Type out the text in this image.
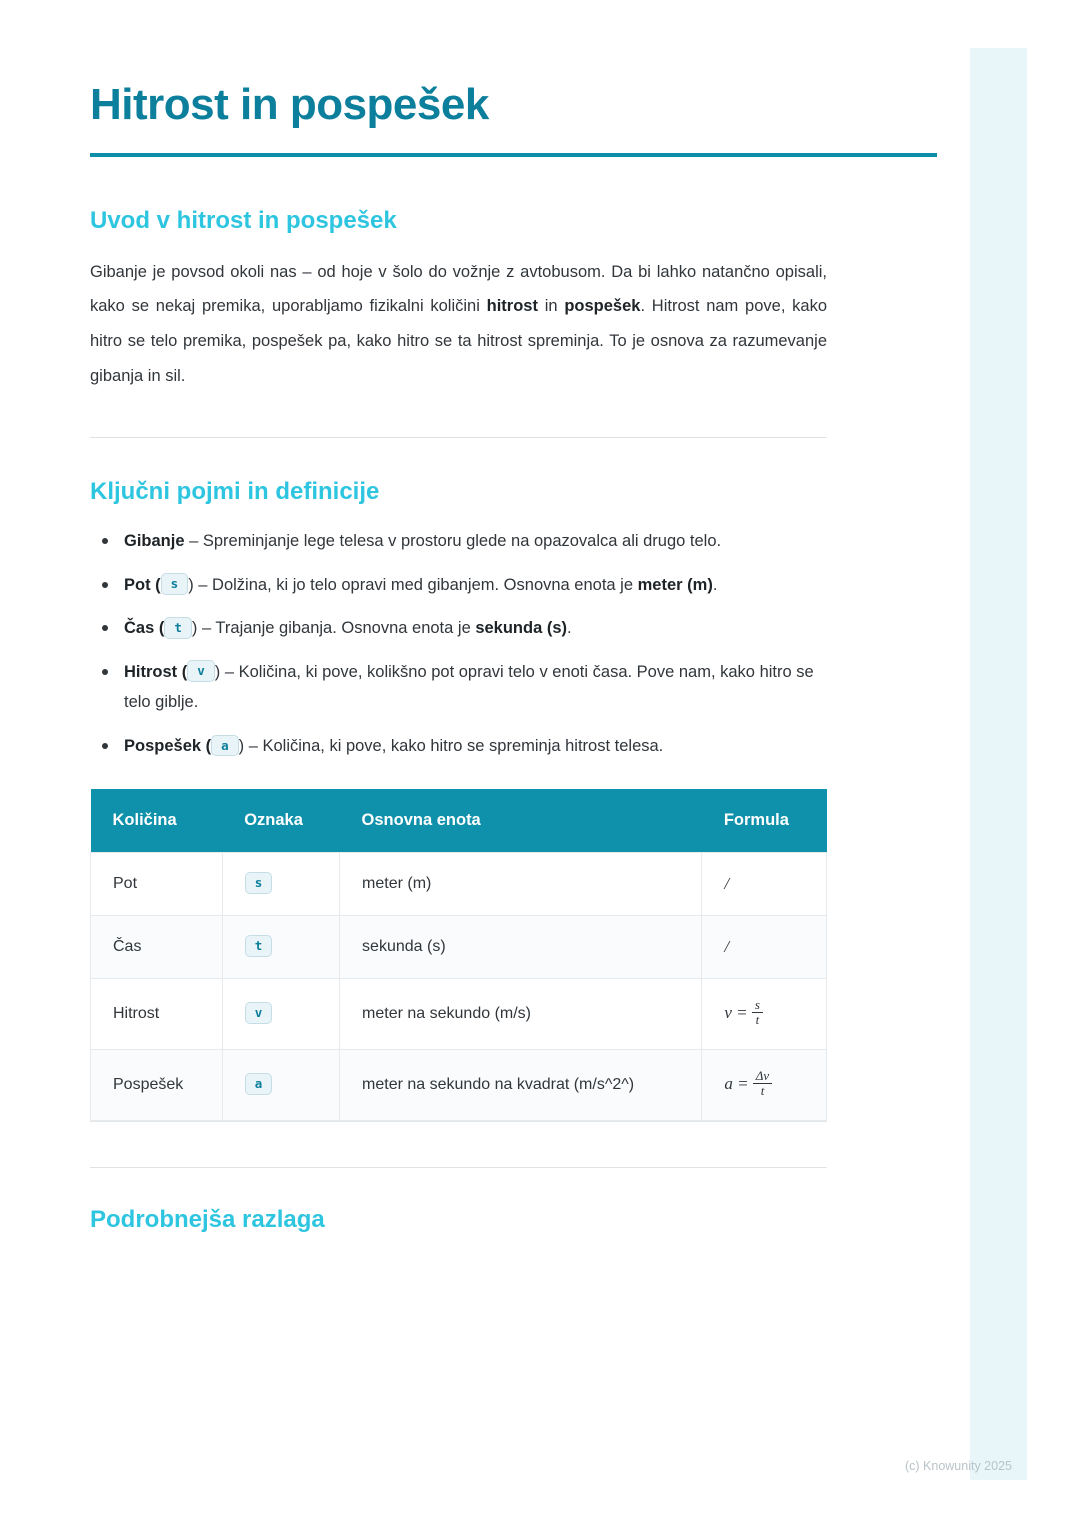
Hitrost in pospešek
Uvod v hitrost in pospešek

Gibanje je povsod okoli nas – od hoje v šolo do vožnje z avtobusom. Da bi lahko natančno opisali, kako se nekaj premika, uporabljamo fizikalni količini hitrost in pospešek. Hitrost nam pove, kako hitro se telo premika, pospešek pa, kako hitro se ta hitrost spreminja. To je osnova za razumevanje gibanja in sil.

Ključni pojmi in definicije
Gibanje – Spreminjanje lege telesa v prostoru glede na opazovalca ali drugo telo.
Pot ( s ) – Dolžina, ki jo telo opravi med gibanjem. Osnovna enota je meter (m).
Čas ( t ) – Trajanje gibanja. Osnovna enota je sekunda (s).
Hitrost ( v ) – Količina, ki pove, kolikšno pot opravi telo v enoti časa. Pove nam, kako hitro se telo giblje.
Pospešek ( a ) – Količina, ki pove, kako hitro se spreminja hitrost telesa.
Količina	Oznaka	Osnovna enota	Formula
Pot	s	meter (m)	/
Čas	t	sekunda (s)	/
Hitrost	v	meter na sekundo (m/s)	$v = \frac{s}{t}$

Pospešek	a	meter na sekundo na kvadrat (m/s^2^)	$a = \frac{\Delta v}{t}$
Podrobnejša razlaga
(c) Knowunity 2025
